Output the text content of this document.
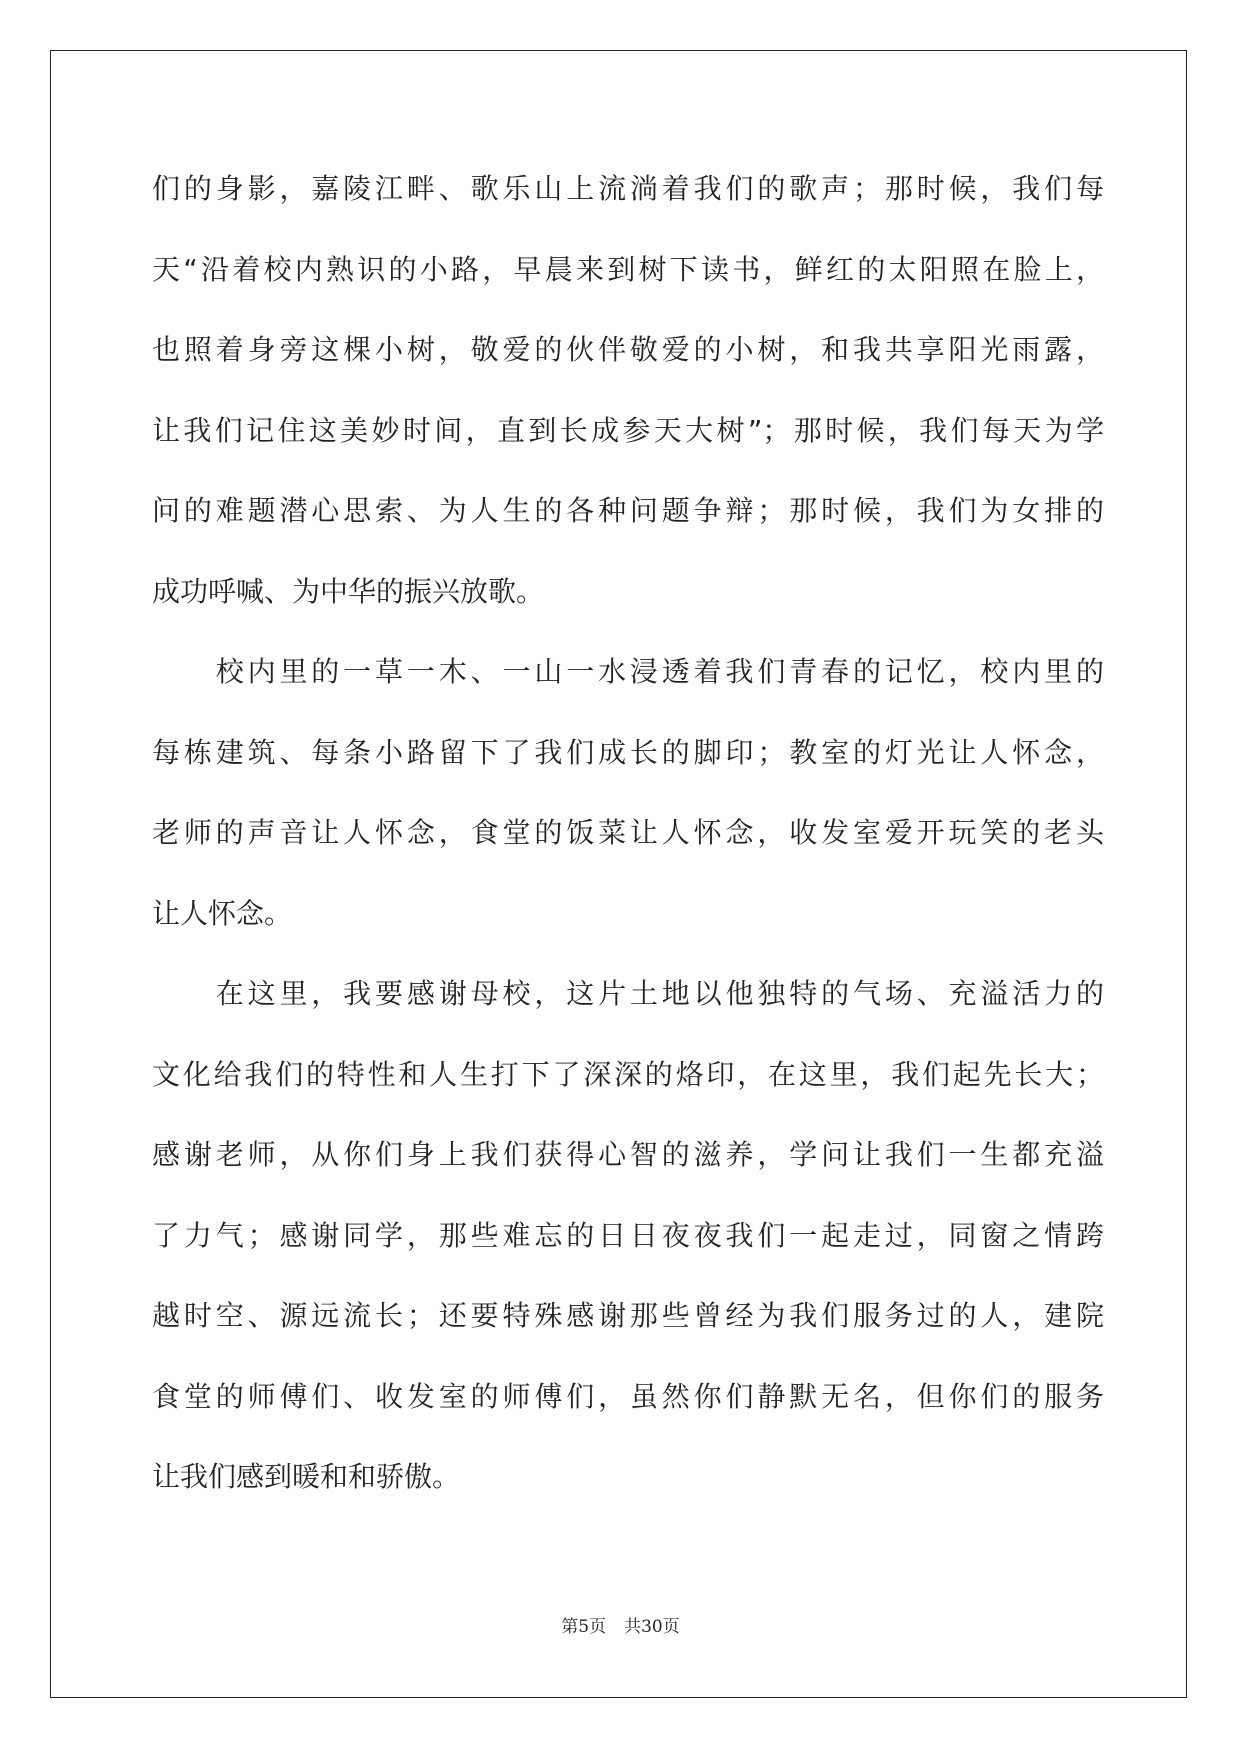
们的身影，嘉陵江畔、歌乐山上流淌着我们的歌声；那时候，我们每
天“沿着校内熟识的小路，早晨来到树下读书，鲜红的太阳照在脸上，
也照着身旁这棵小树，敬爱的伙伴敬爱的小树，和我共享阳光雨露，
让我们记住这美妙时间，直到长成参天大树”；那时候，我们每天为学
问的难题潜心思索、为人生的各种问题争辩；那时候，我们为女排的
成功呼喊、为中华的振兴放歌。
　　校内里的一草一木、一山一水浸透着我们青春的记忆，校内里的
每栋建筑、每条小路留下了我们成长的脚印；教室的灯光让人怀念，
老师的声音让人怀念，食堂的饭菜让人怀念，收发室爱开玩笑的老头
让人怀念。
　　在这里，我要感谢母校，这片土地以他独特的气场、充溢活力的
文化给我们的特性和人生打下了深深的烙印，在这里，我们起先长大；
感谢老师，从你们身上我们获得心智的滋养，学问让我们一生都充溢
了力气；感谢同学，那些难忘的日日夜夜我们一起走过，同窗之情跨
越时空、源远流长；还要特殊感谢那些曾经为我们服务过的人，建院
食堂的师傅们、收发室的师傅们，虽然你们静默无名，但你们的服务
让我们感到暖和和骄傲。
第5页 共30页
